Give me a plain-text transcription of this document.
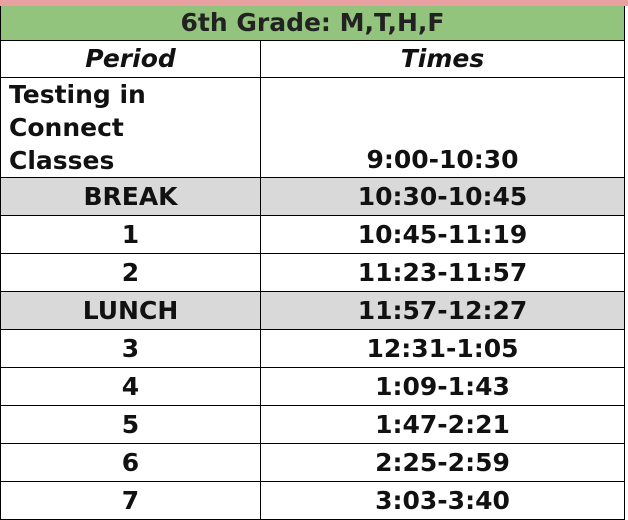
6th Grade: M,T,H,F	
Period	Times
Testing in Connect
Classes	9:00-10:30
BREAK	10:30-10:45
1	10:45-11:19
2	11:23-11:57
LUNCH	11:57-12:27
3	12:31-1:05
4	1:09-1:43
5	1:47-2:21
6	2:25-2:59
7	3:03-3:40
